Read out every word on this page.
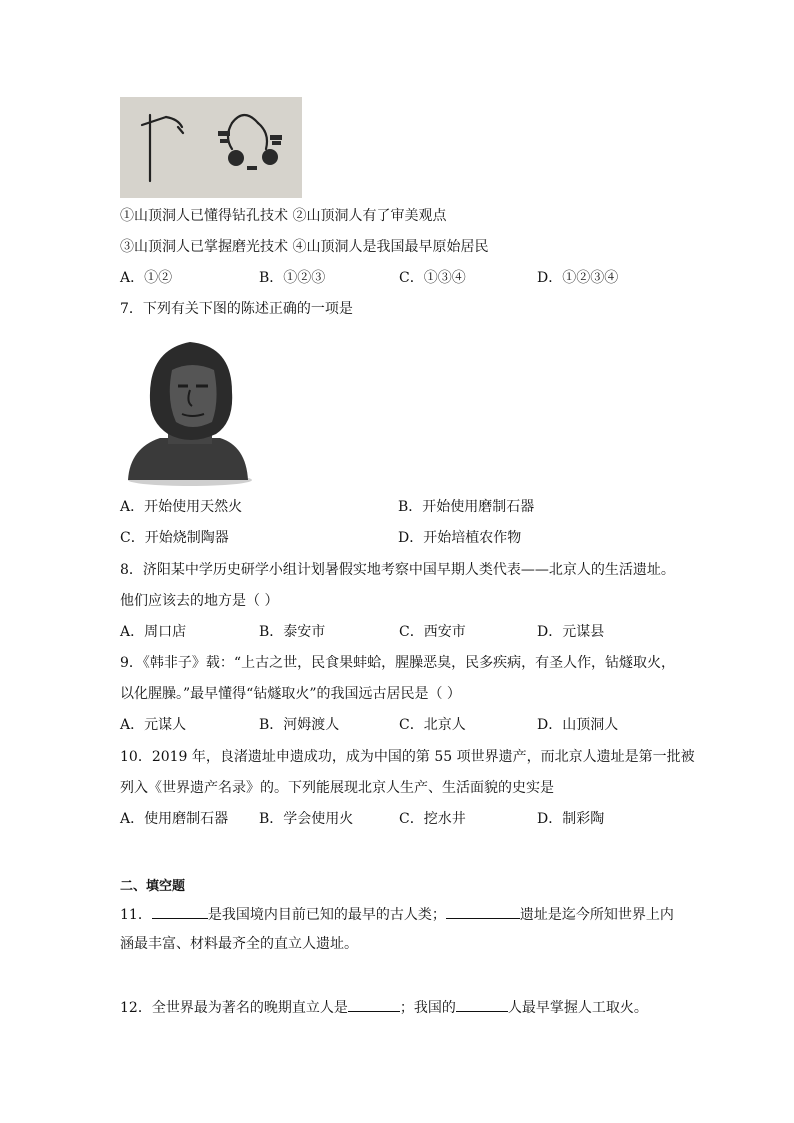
①山顶洞人已懂得钻孔技术 ②山顶洞人有了审美观点
③山顶洞人已掌握磨光技术 ④山顶洞人是我国最早原始居民
A．①②	B．①②③	C．①③④	D．①②③④
7．下列有关下图的陈述正确的一项是
A．开始使用天然火	B．开始使用磨制石器
C．开始烧制陶器	D．开始培植农作物
8．济阳某中学历史研学小组计划暑假实地考察中国早期人类代表——北京人的生活遗址。
他们应该去的地方是（ ）
A．周口店	B．泰安市	C．西安市	D．元谋县
9．《韩非子》载：“上古之世，民食果蚌蛤，腥臊恶臭，民多疾病，有圣人作，钻燧取火，
以化腥臊。”最早懂得“钻燧取火”的我国远古居民是（ ）
A．元谋人	B．河姆渡人	C．北京人	D．山顶洞人
10．2019 年，良渚遗址申遗成功，成为中国的第 55 项世界遗产，而北京人遗址是第一批被
列入《世界遗产名录》的。下列能展现北京人生产、生活面貌的史实是
A．使用磨制石器 B．学会使用火	C．挖水井	D．制彩陶
二、填空题
11．	是我国境内目前已知的最早的古人类；	遗址是迄今所知世界上内
涵最丰富、材料最齐全的直立人遗址。
12．全世界最为著名的晚期直立人是	；我国的	人最早掌握人工取火。
